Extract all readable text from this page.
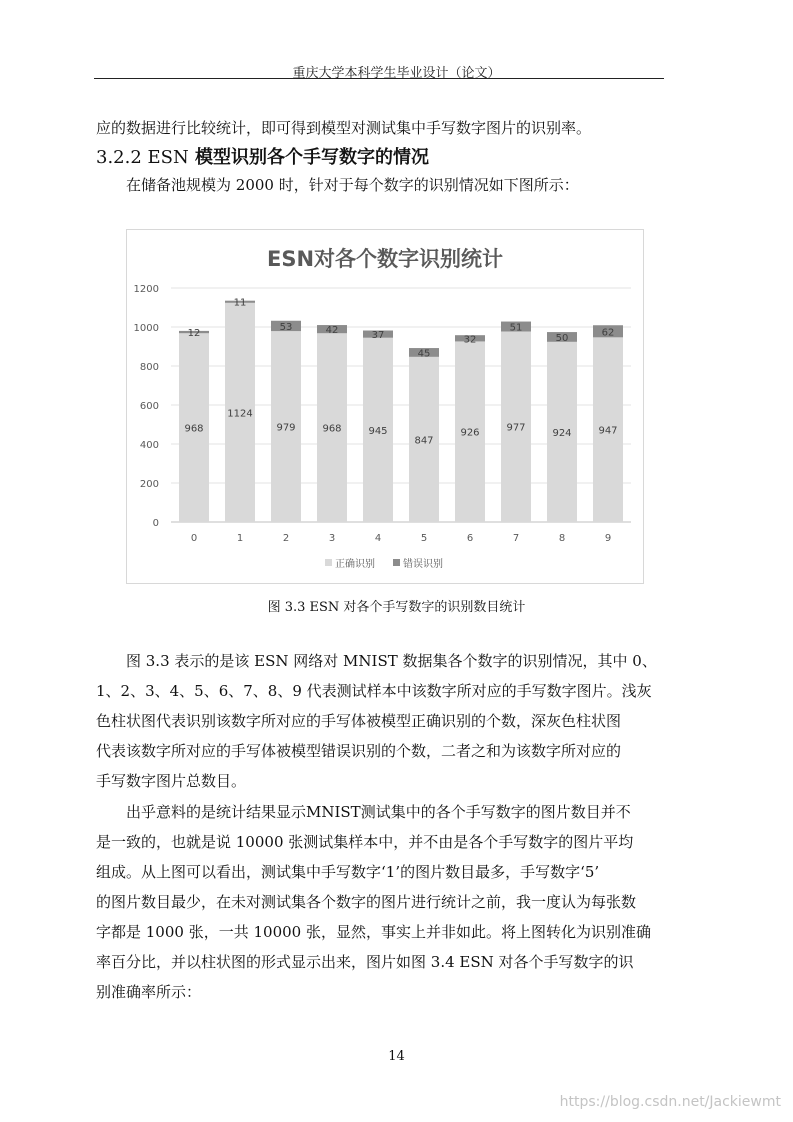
重庆大学本科学生毕业设计（论文）

应的数据进行比较统计，即可得到模型对测试集中手写数字图片的识别率。

3.2.2 ESN 模型识别各个手写数字的情况

　　在储备池规模为 2000 时，针对于每个数字的识别情况如下图所示：

ESN对各个数字识别统计
0
200
400
600
800
1000
1200
968
12
0
1124
11
1
979
53
2
968
42
3
945
37
4
847
45
5
926
32
6
977
51
7
924
50
8
947
62
9
正确识别	错误识别
图 3.3 ESN 对各个手写数字的识别数目统计

　　图 3.3 表示的是该 ESN 网络对 MNIST 数据集各个数字的识别情况，其中 0、

1、2、3、4、5、6、7、8、9 代表测试样本中该数字所对应的手写数字图片。浅灰

色柱状图代表识别该数字所对应的手写体被模型正确识别的个数，深灰色柱状图

代表该数字所对应的手写体被模型错误识别的个数，二者之和为该数字所对应的

手写数字图片总数目。

　　出乎意料的是统计结果显示MNIST测试集中的各个手写数字的图片数目并不

是一致的，也就是说 10000 张测试集样本中，并不由是各个手写数字的图片平均

组成。从上图可以看出，测试集中手写数字‘1’的图片数目最多，手写数字‘5’

的图片数目最少，在未对测试集各个数字的图片进行统计之前，我一度认为每张数

字都是 1000 张，一共 10000 张，显然，事实上并非如此。将上图转化为识别准确

率百分比，并以柱状图的形式显示出来，图片如图 3.4 ESN 对各个手写数字的识

别准确率所示：

14
https://blog.csdn.net/Jackiewmt
